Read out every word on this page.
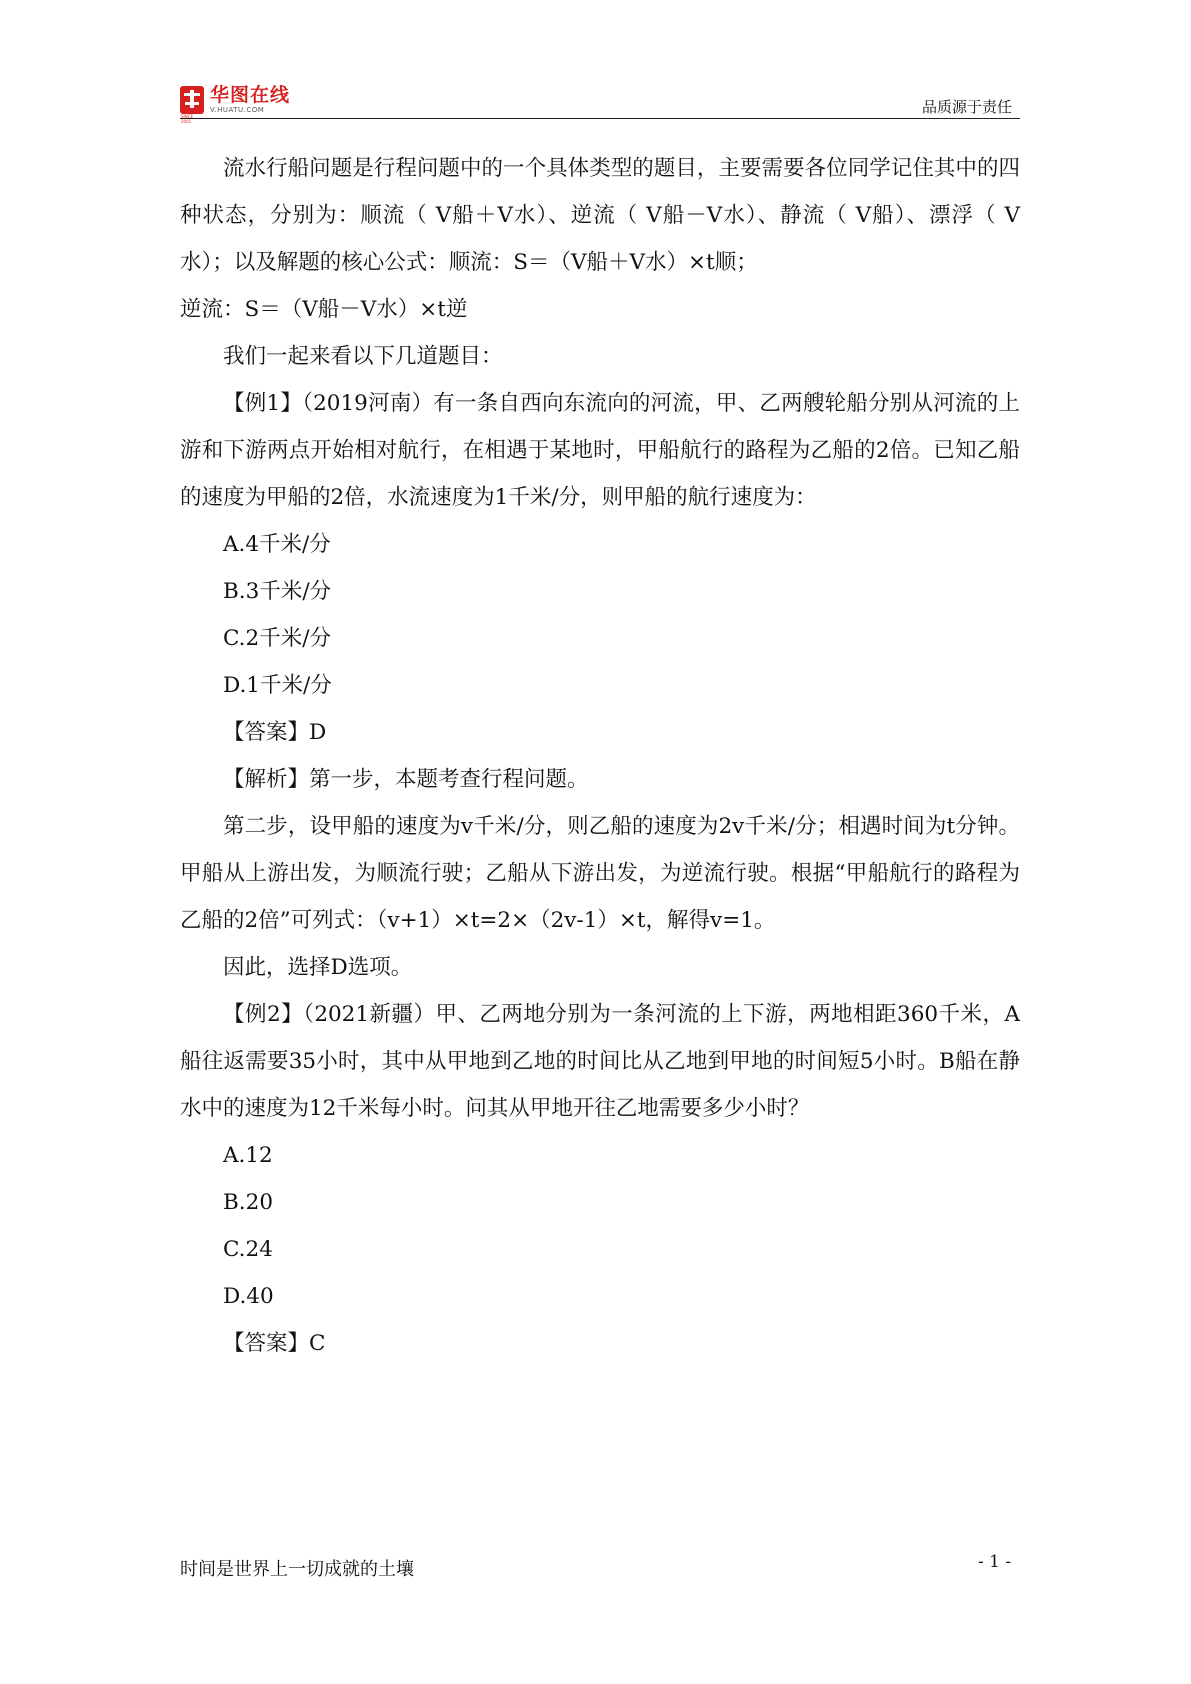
SINCE 2001
华图在线
V.HUATU.COM	品质源于责任

流水行船问题是行程问题中的一个具体类型的题目，主要需要各位同学记住其中的四种状态，分别为：顺流（ V船＋V水）、逆流（ V船－V水）、静流（ V船）、漂浮（ V水）；以及解题的核心公式：顺流：S＝（V船＋V水）×t顺；

逆流：S＝（V船－V水）×t逆

我们一起来看以下几道题目：

【例1】（2019河南）有一条自西向东流向的河流，甲、乙两艘轮船分别从河流的上游和下游两点开始相对航行，在相遇于某地时，甲船航行的路程为乙船的2倍。已知乙船的速度为甲船的2倍，水流速度为1千米/分，则甲船的航行速度为：

A.4千米/分

B.3千米/分

C.2千米/分

D.1千米/分

【答案】D

【解析】第一步，本题考查行程问题。

第二步，设甲船的速度为v千米/分，则乙船的速度为2v千米/分；相遇时间为t分钟。甲船从上游出发，为顺流行驶；乙船从下游出发，为逆流行驶。根据“甲船航行的路程为乙船的2倍”可列式：（v+1）×t=2×（2v-1）×t，解得v=1。

因此，选择D选项。

【例2】（2021新疆）甲、乙两地分别为一条河流的上下游，两地相距360千米，A船往返需要35小时，其中从甲地到乙地的时间比从乙地到甲地的时间短5小时。B船在静水中的速度为12千米每小时。问其从甲地开往乙地需要多少小时？

A.12

B.20

C.24

D.40

【答案】C

时间是世界上一切成就的土壤	- 1 -
